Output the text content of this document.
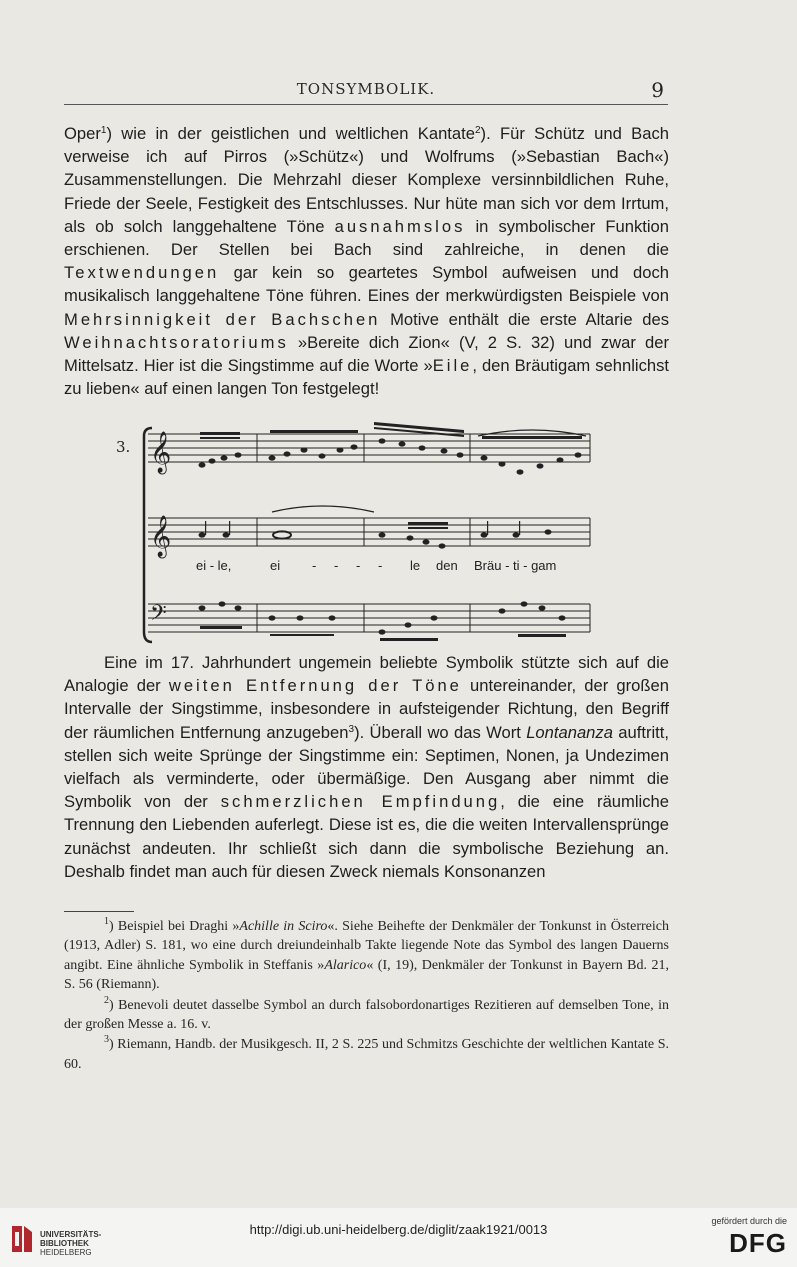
TONSYMBOLIK.	9

Oper$^1$) wie in der geistlichen und weltlichen Kantate$^2$). Für Schütz und Bach verweise ich auf Pirros (»Schütz«) und Wolfrums (»Sebastian Bach«) Zusammenstellungen. Die Mehrzahl dieser Komplexe versinnbildlichen Ruhe, Friede der Seele, Festigkeit des Entschlusses. Nur hüte man sich vor dem Irrtum, als ob solch langgehaltene Töne ausnahmslos in symbolischer Funktion erschienen. Der Stellen bei Bach sind zahlreiche, in denen die Textwendungen gar kein so geartetes Symbol aufweisen und doch musikalisch langgehaltene Töne führen. Eines der merkwürdigsten Beispiele von Mehrsinnigkeit der Bachschen Motive enthält die erste Altarie des Weihnachtsoratoriums »Bereite dich Zion« (V, 2 S. 32) und zwar der Mittelsatz. Hier ist die Singstimme auf die Worte »Eile, den Bräutigam sehnlichst zu lieben« auf einen langen Ton festgelegt!

3. 𝄞
𝄞
ei - le,	ei - - - - le den Bräu - ti - gam
𝄢

Eine im 17. Jahrhundert ungemein beliebte Symbolik stützte sich auf die Analogie der weiten Entfernung der Töne untereinander, der großen Intervalle der Singstimme, insbesondere in aufsteigender Richtung, den Begriff der räumlichen Entfernung anzugeben$^3$). Überall wo das Wort Lontananza auftritt, stellen sich weite Sprünge der Singstimme ein: Septimen, Nonen, ja Undezimen vielfach als verminderte, oder übermäßige. Den Ausgang aber nimmt die Symbolik von der schmerzlichen Empfindung, die eine räumliche Trennung den Liebenden auferlegt. Diese ist es, die die weiten Intervallensprünge zunächst andeuten. Ihr schließt sich dann die symbolische Beziehung an. Deshalb findet man auch für diesen Zweck niemals Konsonanzen

$^1$) Beispiel bei Draghi »Achille in Sciro«. Siehe Beihefte der Denkmäler der Tonkunst in Österreich (1913, Adler) S. 181, wo eine durch dreiundeinhalb Takte liegende Note das Symbol des langen Dauerns angibt. Eine ähnliche Symbolik in Steffanis »Alarico« (I, 19), Denkmäler der Tonkunst in Bayern Bd. 21, S. 56 (Riemann).

$^2$) Benevoli deutet dasselbe Symbol an durch falsobordonartiges Rezitieren auf demselben Tone, in der großen Messe a. 16. v.

$^3$) Riemann, Handb. der Musikgesch. II, 2 S. 225 und Schmitzs Geschichte der weltlichen Kantate S. 60.

UNIVERSITÄTS-
BIBLIOTHEK
HEIDELBERG
http://digi.ub.uni-heidelberg.de/diglit/zaak1921/0013
gefördert durch die
DFG
